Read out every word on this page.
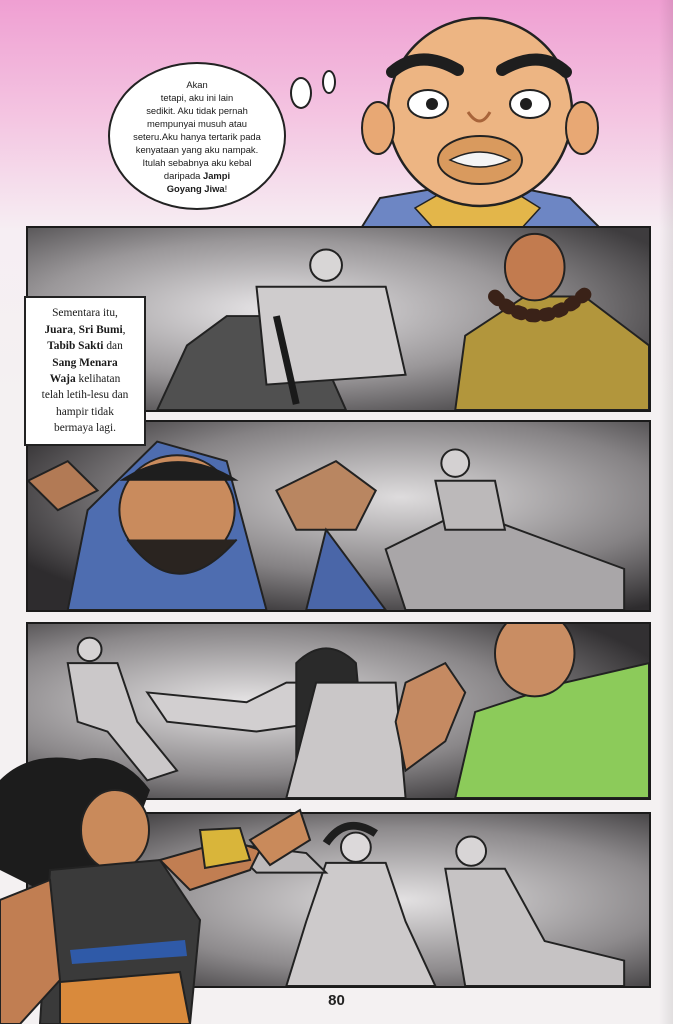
Akan
tetapi, aku ini lain
sedikit. Aku tidak pernah
mempunyai musuh atau
seteru.Aku hanya tertarik pada
kenyataan yang aku nampak.
Itulah sebabnya aku kebal
daripada Jampi
Goyang Jiwa!
Sementara itu,
Juara, Sri Bumi,
Tabib Sakti dan
Sang Menara
Waja kelihatan
telah letih-lesu dan
hampir tidak
bermaya lagi.
80
